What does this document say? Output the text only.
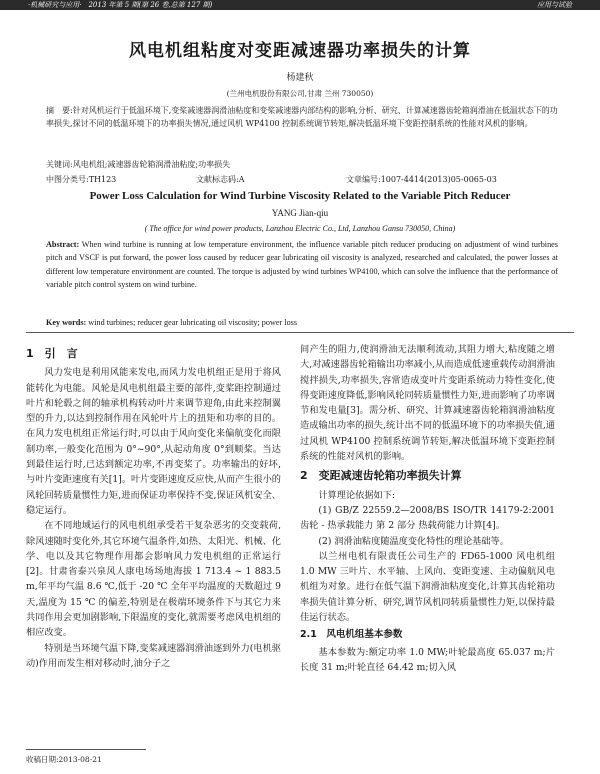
·机械研究与应用·　 2013 年第 5 期(第 26 卷,总第 127 期)	应用与试验
风电机组粘度对变距减速器功率损失的计算
杨建秋
(兰州电机股份有限公司,甘肃 兰州 730050)
摘　要:针对风机运行于低温环境下,变桨减速器润滑油粘度和变桨减速器内部结构的影响,分析、研究、计算减速器齿轮箱润滑油在低温状态下的功率损失,探讨不同的低温环境下的功率损失情况,通过风机 WP4100 控制系统调节转矩,解决低温环境下变距控制系统的性能对风机的影响。
关键词:风电机组;减速器齿轮箱润滑油粘度;功率损失
中图分类号:TH123	文献标志码:A	文章编号:1007-4414(2013)05-0065-03
Power Loss Calculation for Wind Turbine Viscosity Related to the Variable Pitch Reducer
YANG Jian-qiu
( The office for wind power products, Lanzhou Electric Co., Ltd, Lanzhou Gansu 730050, China)
Abstract: When wind turbine is running at low temperature environment, the influence variable pitch reducer producing on adjustment of wind turbines pitch and VSCF is put forward, the power loss caused by reducer gear lubricating oil viscosity is analyzed, researched and calculated, the power losses at different low temperature environment are counted. The torque is adjusted by wind turbines WP4100, which can solve the influence that the performance of variable pitch control system on wind turbine.
Key words: wind turbines; reducer gear lubricating oil viscosity; power loss
1　引　言

风力发电是利用风能来发电,而风力发电机组正是用于将风能转化为电能。风轮是风电机组最主要的部件,变桨距控制通过叶片和轮毂之间的轴承机构转动叶片来调节迎角,由此来控制翼型的升力,以达到控制作用在风轮叶片上的扭矩和功率的目的。在风力发电机组正常运行时,可以由于风向变化来偏航变化而限制功率,一般变化范围为 0°~90°,从起动角度 0°到顺桨。当达到最佳运行时,已达到额定功率,不再变桨了。功率输出的好坏,与叶片变距速度有关[1]。叶片变距速度反应快,从而产生很小的风轮回转质量惯性力矩,进而保证功率保持不变,保证风机安全、稳定运行。

在不同地域运行的风电机组承受若干复杂恶劣的交变载荷,除风速随时变化外,其它环境气温条件,如热、太阳光、机械、化学、电以及其它物理作用都会影响风力发电机组的正常运行[2]。甘肃省泰兴泉风人康电场场地海拔 1 713.4 ~ 1 883.5 m,年平均气温 8.6 ℃,低于 -20 ℃ 全年平均温度的天数超过 9 天,温度为 15 ℃ 的偏差,特别是在极端环境条件下与其它力来共同作用会更加剧影响,下限温度的变化,就需要考虑风电机组的相应改变。

特别是当环境气温下降,变桨减速器润滑油逐到外力(电机驱动)作用而发生相对移动时,油分子之

间产生的阻力,使润滑油无法顺利流动,其阻力增大,粘度随之增大,对减速器齿轮箱输出功率减小,从而造成低速重载传动润滑油搅拌损失,功率损失,容常造成变叶片变距系统动力特性变化,使得变距速度降低,影响风轮同转质量惯性力矩,进而影响了功率调节和发电量[3]。需分析、研究、计算减速器齿轮箱润滑油粘度造成输出功率的损失,统计出不同的低温环境下的功率损失值,通过风机 WP4100 控制系统调节转矩,解决低温环境下变距控制系统的性能对风机的影响。

2　变距减速齿轮箱功率损失计算

计算理论依据如下:

(1) GB/Z 22559.2—2008/BS ISO/TR 14179-2:2001 齿轮 - 热承载能力 第 2 部分 热载荷能力计算[4]。

(2) 润滑油粘度随温度变化特性的理论基础等。

以兰州电机有限责任公司生产的 FD65-1000 风电机组 1.0 MW 三叶片、水平轴、上风向、变距变速、主动偏航风电机组为对象。进行在低气温下润滑油粘度变化,计算其齿轮箱功率损失值计算分析、研究,调节风机同转质量惯性力矩,以保持最佳运行状态。

2.1　风电机组基本参数

基本参数为:额定功率 1.0 MW;叶轮最高度 65.037 m;片长度 31 m;叶轮直径 64.42 m;切入风

收稿日期:2013-08-21
